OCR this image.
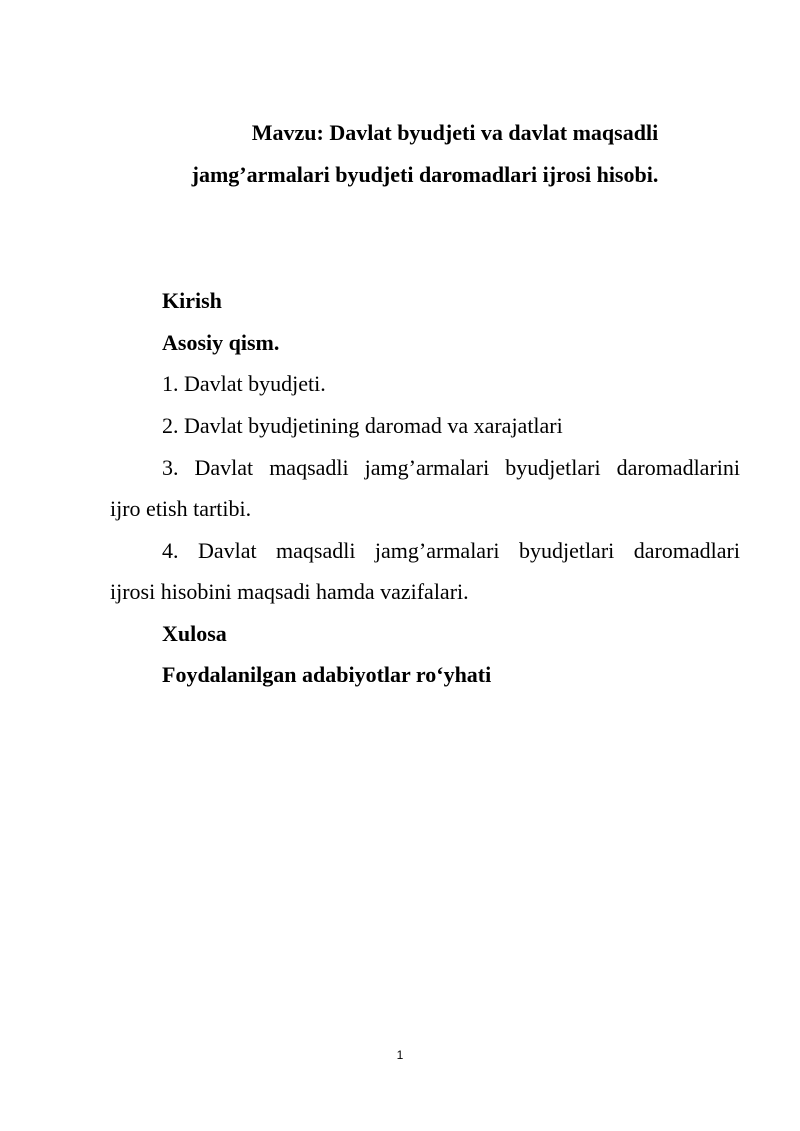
Mavzu: Davlat byudjeti va davlat maqsadli

jamg’armalari byudjeti daromadlari ijrosi hisobi.

Kirish

Asosiy qism.

1. Davlat byudjeti.

2. Davlat byudjetining daromad va xarajatlari

3. Davlat maqsadli jamg’armalari byudjetlari daromadlarini

ijro etish tartibi.

4. Davlat maqsadli jamg’armalari byudjetlari daromadlari

ijrosi hisobini maqsadi hamda vazifalari.

Xulosa

Foydalanilgan adabiyotlar ro‘yhati

1
